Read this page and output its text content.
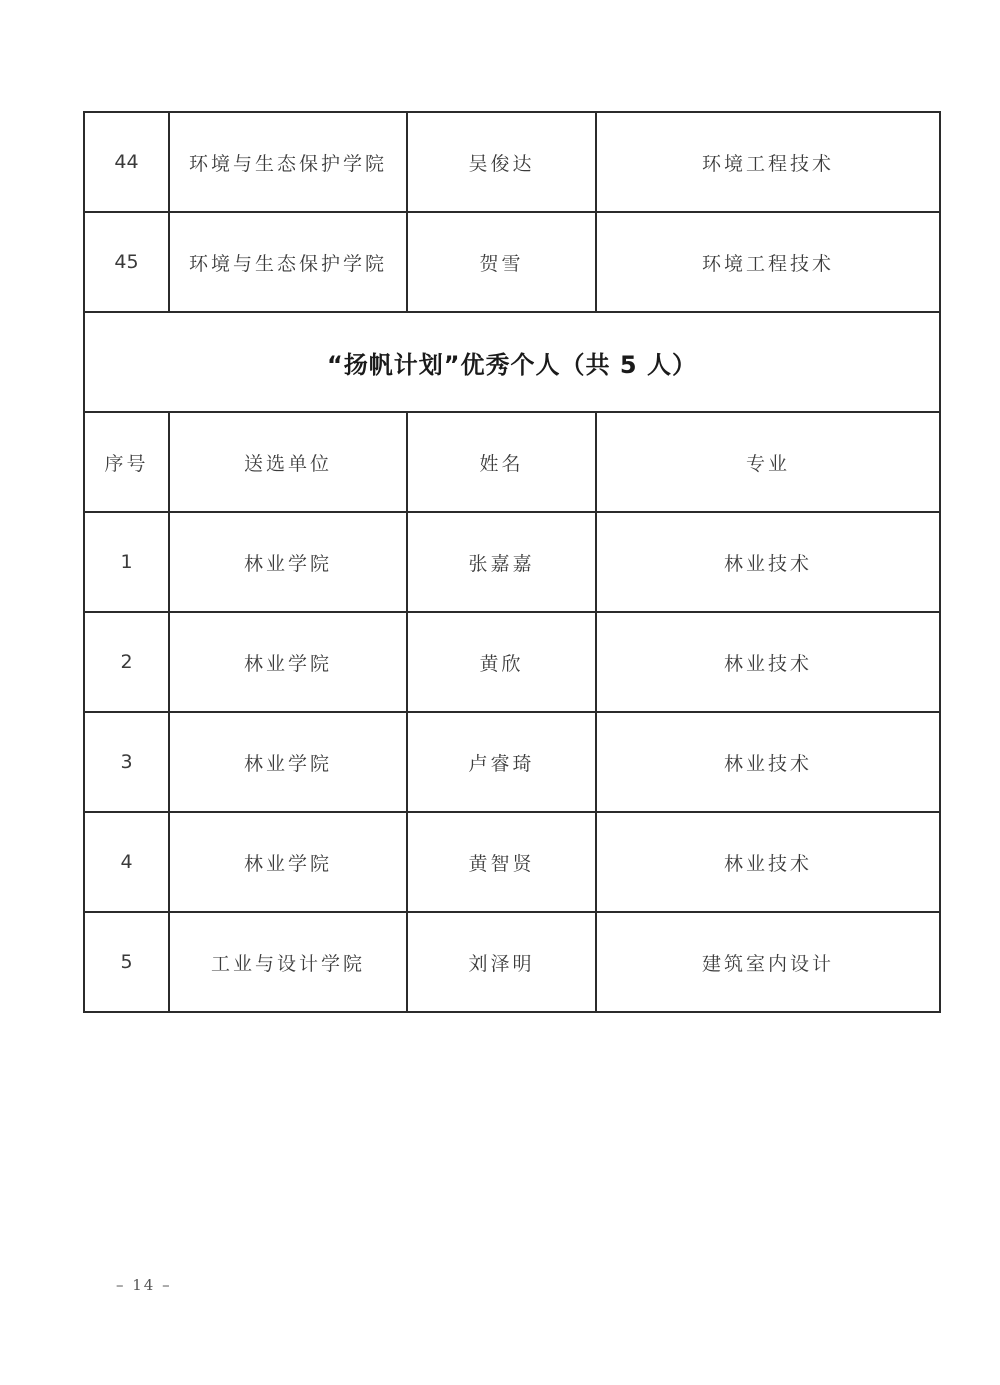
44	环境与生态保护学院	吴俊达	环境工程技术
45	环境与生态保护学院	贺雪	环境工程技术
“扬帆计划”优秀个人（共 5 人）			
序号	送选单位	姓名	专业
1	林业学院	张嘉嘉	林业技术
2	林业学院	黄欣	林业技术
3	林业学院	卢睿琦	林业技术
4	林业学院	黄智贤	林业技术
5	工业与设计学院	刘泽明	建筑室内设计
– 14 –
